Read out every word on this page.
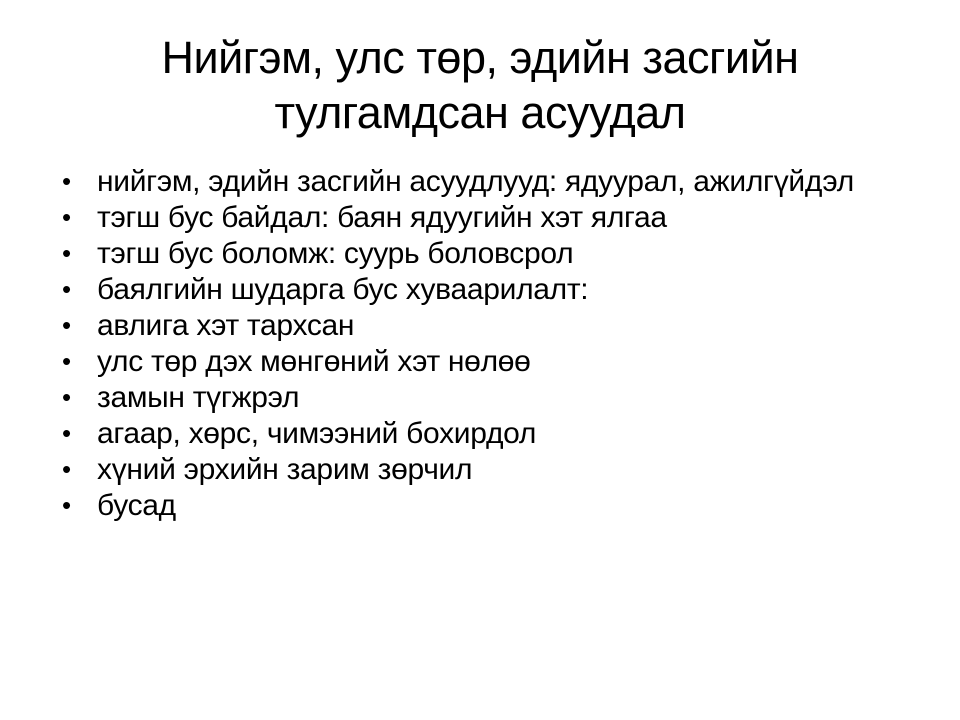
Нийгэм, улс төр, эдийн засгийн
тулгамдсан асуудал
• нийгэм, эдийн засгийн асуудлууд: ядуурал, ажилгүйдэл
• тэгш бус байдал: баян ядуугийн хэт ялгаа
• тэгш бус боломж: суурь боловсрол
• баялгийн шударга бус хуваарилалт:
• авлига хэт тархсан
• улс төр дэх мөнгөний хэт нөлөө
• замын түгжрэл
• агаар, хөрс, чимээний бохирдол
• хүний эрхийн зарим зөрчил
• бусад
